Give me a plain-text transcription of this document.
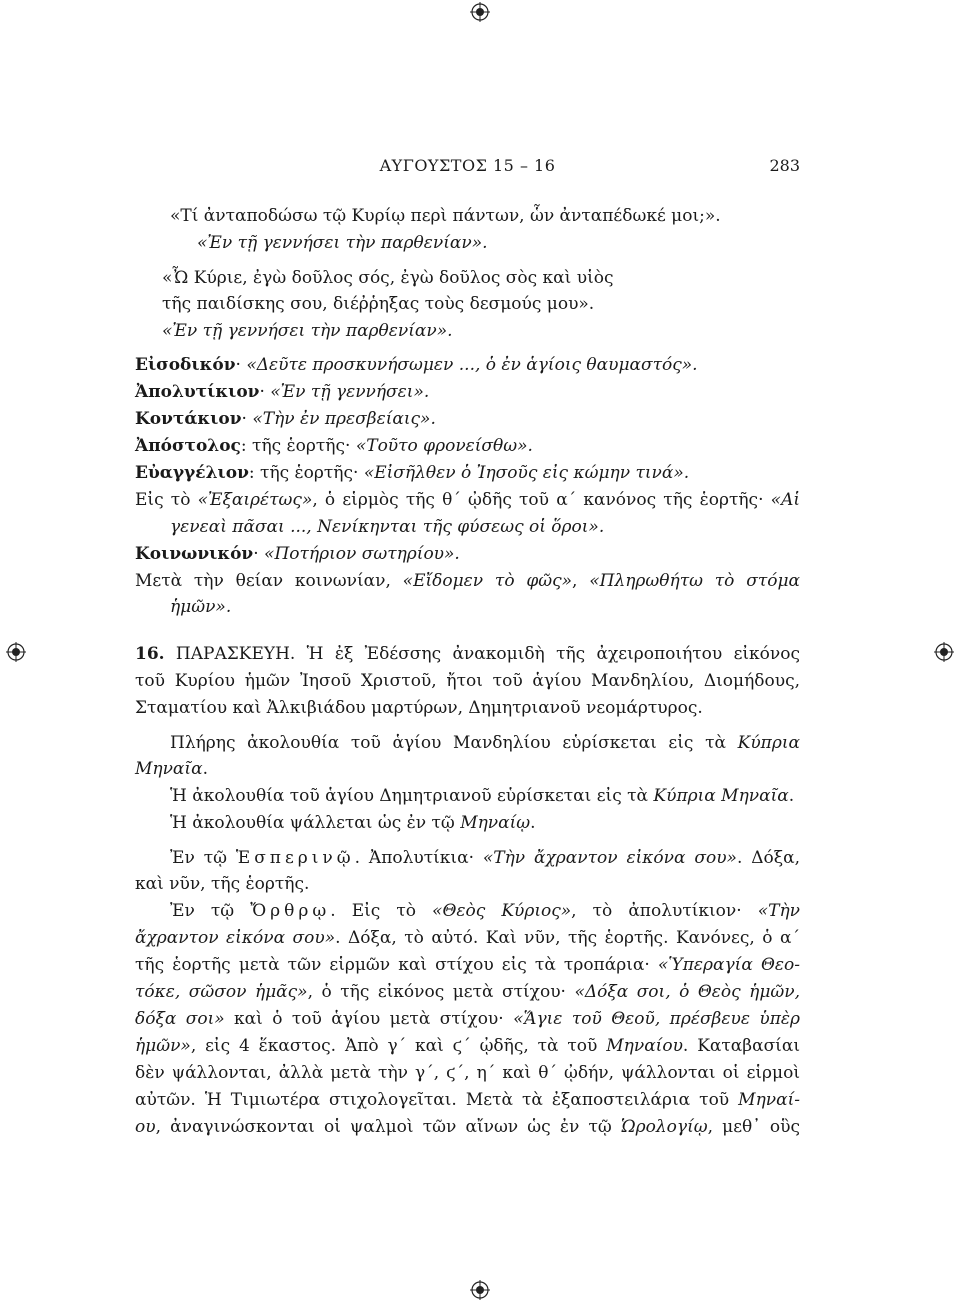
ΑΥΓΟΥΣΤΟΣ 15 – 16	283
«Τί ἀνταποδώσω τῷ Κυρίῳ περὶ πάντων, ὧν ἀνταπέδωκέ μοι;».
«Ἐν τῇ γεννήσει τὴν παρθενίαν».
«Ὦ Κύριε, ἐγὼ δοῦλος σός, ἐγὼ δοῦλος σὸς καὶ υἱὸς
τῆς παιδίσκης σου, διέῤῥηξας τοὺς δεσμούς μου».
«Ἐν τῇ γεννήσει τὴν παρθενίαν».
Εἰσοδικόν· «Δεῦτε προσκυνήσωμεν ..., ὁ ἐν ἁγίοις θαυμαστός».
Ἀπολυτίκιον· «Ἐν τῇ γεννήσει».
Κοντάκιον· «Τὴν ἐν πρεσβείαις».
Ἀπόστολος: τῆς ἑορτῆς· «Τοῦτο φρονείσθω».
Εὐαγγέλιον: τῆς ἑορτῆς· «Εἰσῆλθεν ὁ Ἰησοῦς εἰς κώμην τινά».
Εἰς τὸ «Ἐξαιρέτως», ὁ εἱρμὸς τῆς θ΄ ᾠδῆς τοῦ α΄ κανόνος τῆς ἑορτῆς· «Αἱ
γενεαὶ πᾶσαι ..., Νενίκηνται τῆς φύσεως οἱ ὅροι».
Κοινωνικόν· «Ποτήριον σωτηρίου».
Μετὰ τὴν θείαν κοινωνίαν, «Εἴδομεν τὸ φῶς», «Πληρωθήτω τὸ στόμα
ἡμῶν».
16. ΠΑΡΑΣΚΕΥΗ. Ἡ ἐξ Ἐδέσσης ἀνακομιδὴ τῆς ἀχειροποιήτου εἰκόνος
τοῦ Κυρίου ἡμῶν Ἰησοῦ Χριστοῦ, ἤτοι τοῦ ἁγίου Μανδηλίου, Διομήδους,
Σταματίου καὶ Ἀλκιβιάδου μαρτύρων, Δημητριανοῦ νεομάρτυρος.
Πλήρης ἀκολουθία τοῦ ἁγίου Μανδηλίου εὑρίσκεται εἰς τὰ Κύπρια
Μηναῖα.
Ἡ ἀκολουθία τοῦ ἁγίου Δημητριανοῦ εὑρίσκεται εἰς τὰ Κύπρια Μηναῖα.
Ἡ ἀκολουθία ψάλλεται ὡς ἐν τῷ Μηναίῳ.
Ἐν τῷ Ἑσπερινῷ. Ἀπολυτίκια· «Τὴν ἄχραντον εἰκόνα σου». Δόξα,
καὶ νῦν, τῆς ἑορτῆς.
Ἐν τῷ Ὄρθρῳ. Εἰς τὸ «Θεὸς Κύριος», τὸ ἀπολυτίκιον· «Τὴν
ἄχραντον εἰκόνα σου». Δόξα, τὸ αὐτό. Καὶ νῦν, τῆς ἑορτῆς. Κανόνες, ὁ α΄
τῆς ἑορτῆς μετὰ τῶν εἱρμῶν καὶ στίχου εἰς τὰ τροπάρια· «Ὑπεραγία Θεο-
τόκε, σῶσον ἡμᾶς», ὁ τῆς εἰκόνος μετὰ στίχου· «Δόξα σοι, ὁ Θεὸς ἡμῶν,
δόξα σοι» καὶ ὁ τοῦ ἁγίου μετὰ στίχου· «Ἅγιε τοῦ Θεοῦ, πρέσβευε ὑπὲρ
ἡμῶν», εἰς 4 ἕκαστος. Ἀπὸ γ΄ καὶ ϛ΄ ᾠδῆς, τὰ τοῦ Μηναίου. Καταβασίαι
δὲν ψάλλονται, ἀλλὰ μετὰ τὴν γ΄, ϛ΄, η΄ καὶ θ΄ ᾠδήν, ψάλλονται οἱ εἱρμοὶ
αὐτῶν. Ἡ Τιμιωτέρα στιχολογεῖται. Μετὰ τὰ ἐξαποστειλάρια τοῦ Μηναί-
ου, ἀναγινώσκονται οἱ ψαλμοὶ τῶν αἴνων ὡς ἐν τῷ Ὡρολογίῳ, μεθ᾽ οὓς
